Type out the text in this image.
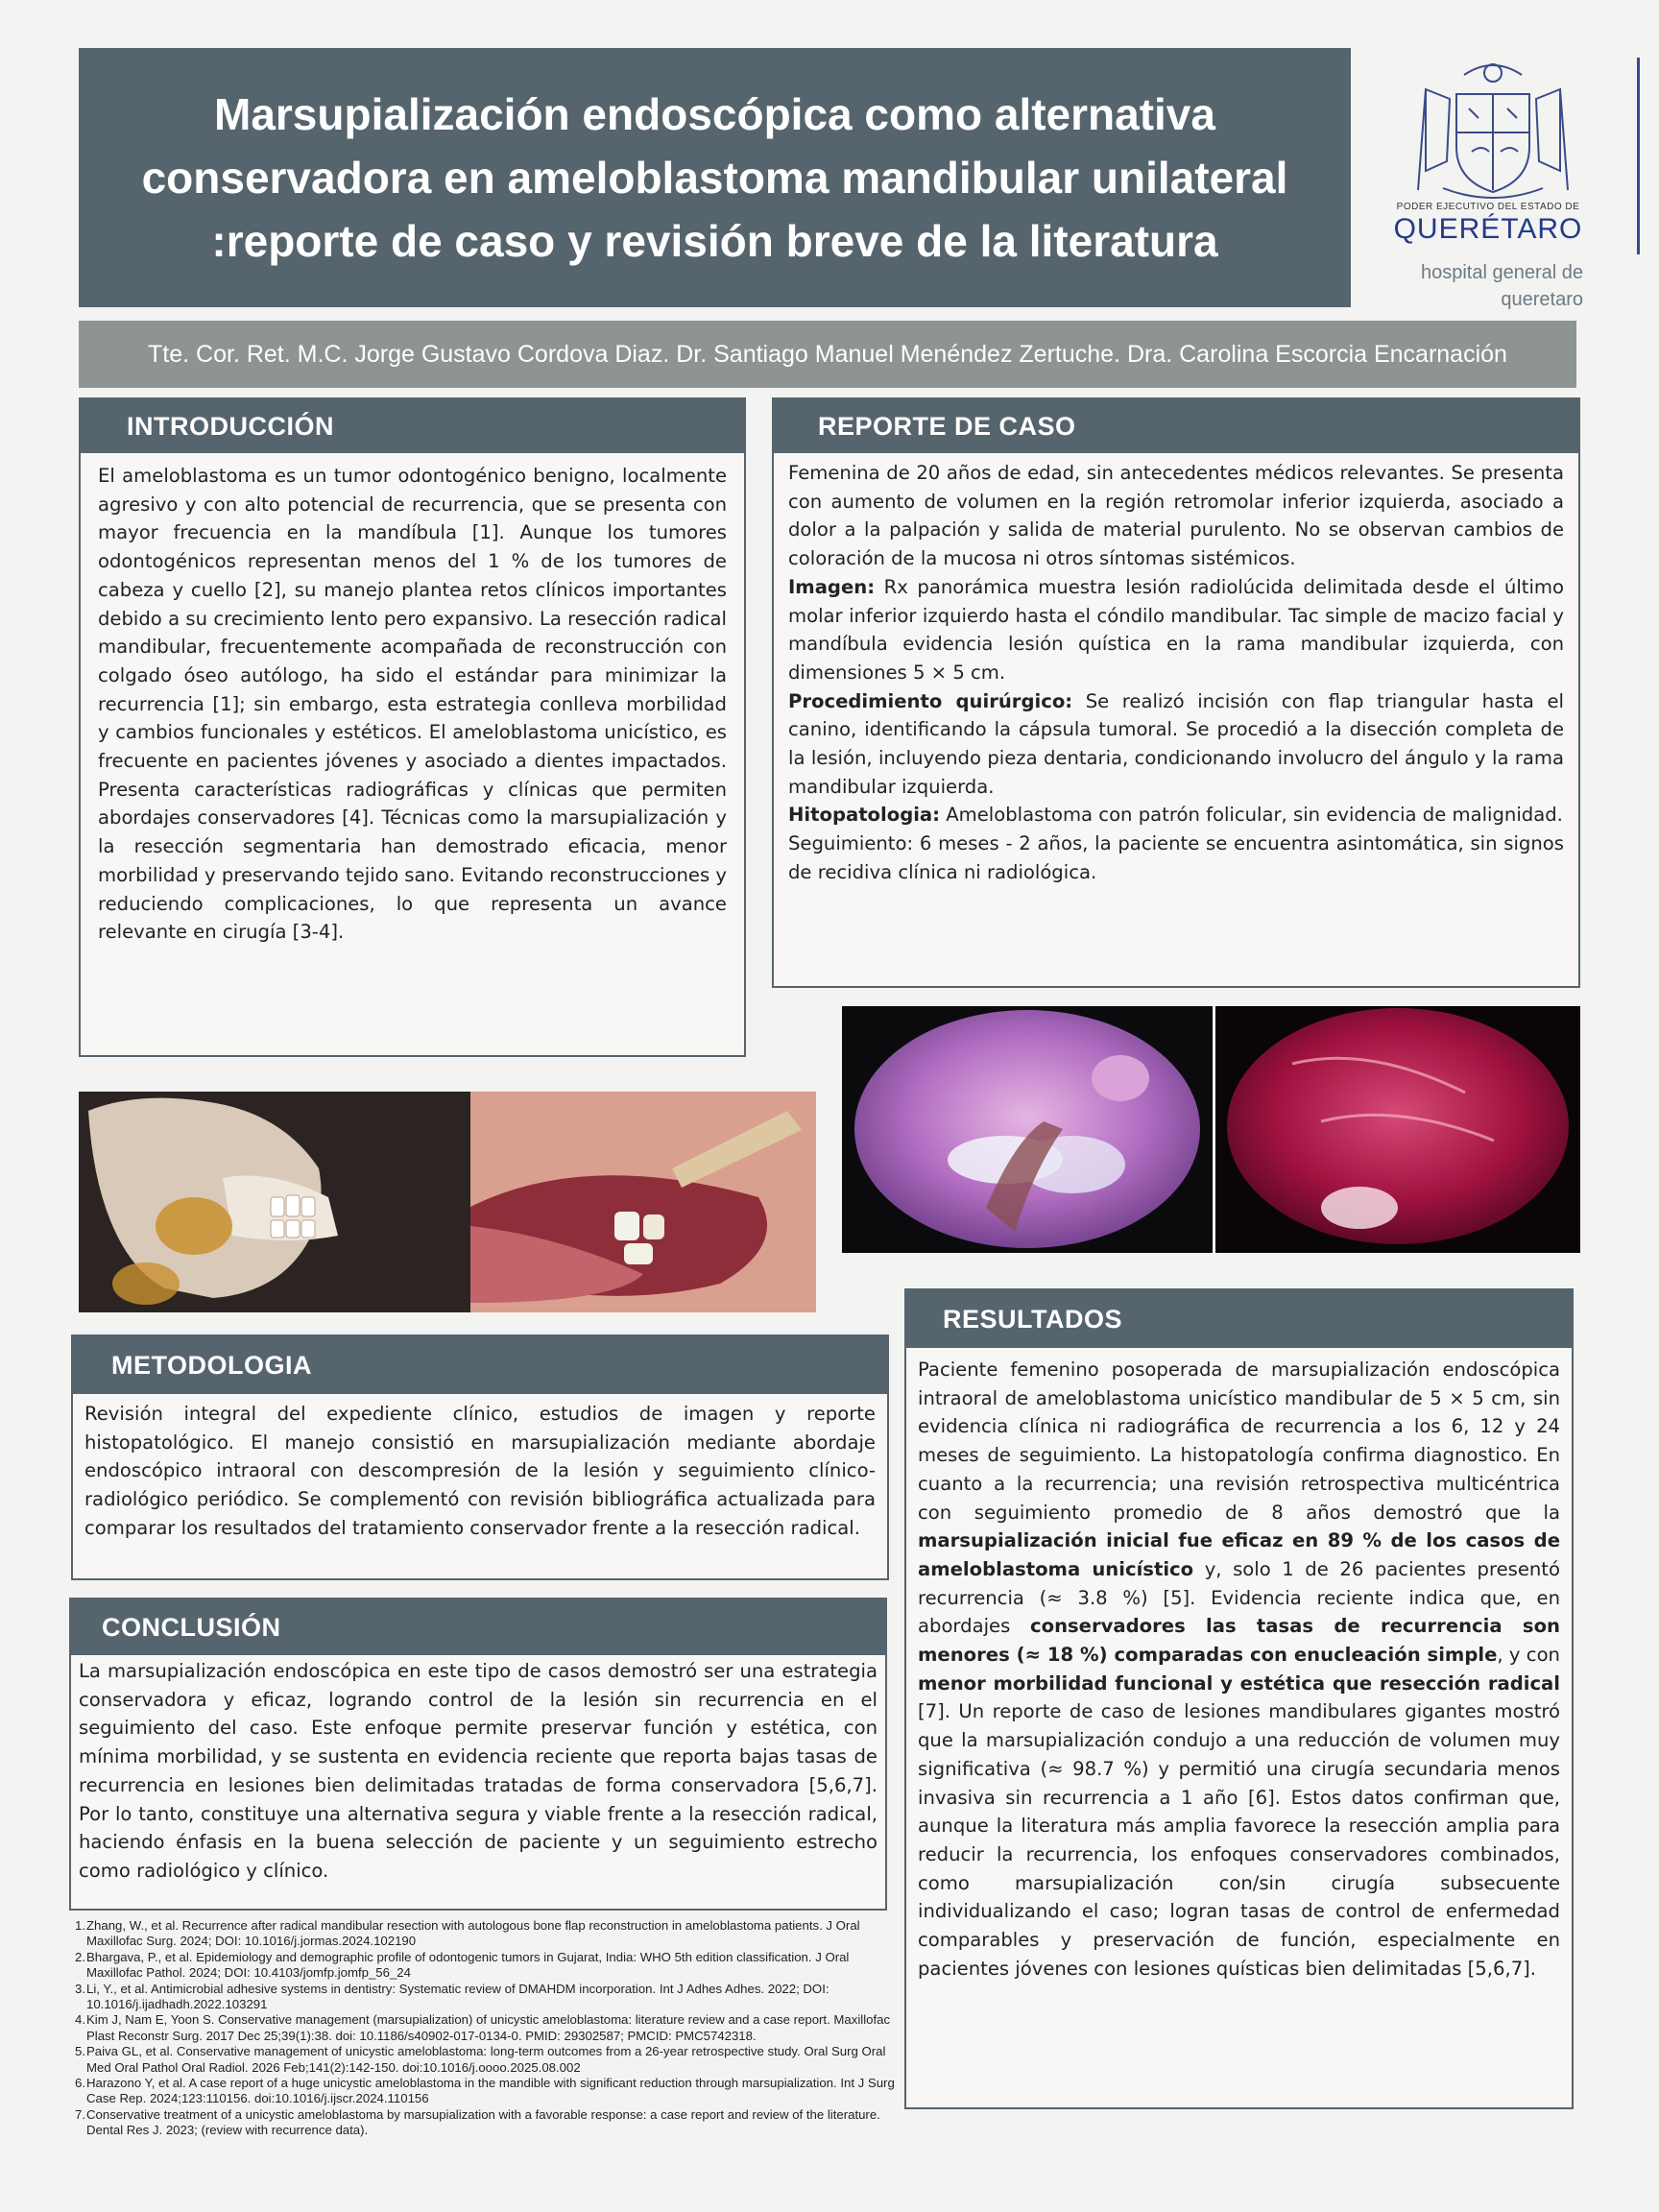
Marsupialización endoscópica como alternativa conservadora en ameloblastoma mandibular unilateral :reporte de caso y revisión breve de la literatura
PODER EJECUTIVO DEL ESTADO DE
QUERÉTARO
hospital general de queretaro
Tte. Cor. Ret. M.C. Jorge Gustavo Cordova Diaz. Dr. Santiago Manuel Menéndez Zertuche. Dra. Carolina Escorcia Encarnación
INTRODUCCIÓN

El ameloblastoma es un tumor odontogénico benigno, localmente agresivo y con alto potencial de recurrencia, que se presenta con mayor frecuencia en la mandíbula [1]. Aunque los tumores odontogénicos representan menos del 1 % de los tumores de cabeza y cuello [2], su manejo plantea retos clínicos importantes debido a su crecimiento lento pero expansivo. La resección radical mandibular, frecuentemente acompañada de reconstrucción con colgado óseo autólogo, ha sido el estándar para minimizar la recurrencia [1]; sin embargo, esta estrategia conlleva morbilidad y cambios funcionales y estéticos. El ameloblastoma unicístico, es frecuente en pacientes jóvenes y asociado a dientes impactados. Presenta características radiográficas y clínicas que permiten abordajes conservadores [4]. Técnicas como la marsupialización y la resección segmentaria han demostrado eficacia, menor morbilidad y preservando tejido sano. Evitando reconstrucciones y reduciendo complicaciones, lo que representa un avance relevante en cirugía [3-4].

REPORTE DE CASO

Femenina de 20 años de edad, sin antecedentes médicos relevantes. Se presenta con aumento de volumen en la región retromolar inferior izquierda, asociado a dolor a la palpación y salida de material purulento. No se observan cambios de coloración de la mucosa ni otros síntomas sistémicos.

Imagen: Rx panorámica muestra lesión radiolúcida delimitada desde el último molar inferior izquierdo hasta el cóndilo mandibular. Tac simple de macizo facial y mandíbula evidencia lesión quística en la rama mandibular izquierda, con dimensiones 5 × 5 cm.

Procedimiento quirúrgico: Se realizó incisión con flap triangular hasta el canino, identificando la cápsula tumoral. Se procedió a la disección completa de la lesión, incluyendo pieza dentaria, condicionando involucro del ángulo y la rama mandibular izquierda.

Hitopatologia: Ameloblastoma con patrón folicular, sin evidencia de malignidad.

Seguimiento: 6 meses - 2 años, la paciente se encuentra asintomática, sin signos de recidiva clínica ni radiológica.

METODOLOGIA

Revisión integral del expediente clínico, estudios de imagen y reporte histopatológico. El manejo consistió en marsupialización mediante abordaje endoscópico intraoral con descompresión de la lesión y seguimiento clínico-radiológico periódico. Se complementó con revisión bibliográfica actualizada para comparar los resultados del tratamiento conservador frente a la resección radical.

CONCLUSIÓN

La marsupialización endoscópica en este tipo de casos demostró ser una estrategia conservadora y eficaz, logrando control de la lesión sin recurrencia en el seguimiento del caso. Este enfoque permite preservar función y estética, con mínima morbilidad, y se sustenta en evidencia reciente que reporta bajas tasas de recurrencia en lesiones bien delimitadas tratadas de forma conservadora [5,6,7]. Por lo tanto, constituye una alternativa segura y viable frente a la resección radical, haciendo énfasis en la buena selección de paciente y un seguimiento estrecho como radiológico y clínico.

1. Zhang, W., et al. Recurrence after radical mandibular resection with autologous bone flap reconstruction in ameloblastoma patients. J Oral Maxillofac Surg. 2024; DOI: 10.1016/j.jormas.2024.102190
2. Bhargava, P., et al. Epidemiology and demographic profile of odontogenic tumors in Gujarat, India: WHO 5th edition classification. J Oral Maxillofac Pathol. 2024; DOI: 10.4103/jomfp.jomfp_56_24
3. Li, Y., et al. Antimicrobial adhesive systems in dentistry: Systematic review of DMAHDM incorporation. Int J Adhes Adhes. 2022; DOI: 10.1016/j.ijadhadh.2022.103291
4. Kim J, Nam E, Yoon S. Conservative management (marsupialization) of unicystic ameloblastoma: literature review and a case report. Maxillofac Plast Reconstr Surg. 2017 Dec 25;39(1):38. doi: 10.1186/s40902-017-0134-0. PMID: 29302587; PMCID: PMC5742318.
5. Paiva GL, et al. Conservative management of unicystic ameloblastoma: long-term outcomes from a 26-year retrospective study. Oral Surg Oral Med Oral Pathol Oral Radiol. 2026 Feb;141(2):142-150. doi:10.1016/j.oooo.2025.08.002
6. Harazono Y, et al. A case report of a huge unicystic ameloblastoma in the mandible with significant reduction through marsupialization. Int J Surg Case Rep. 2024;123:110156. doi:10.1016/j.ijscr.2024.110156
7. Conservative treatment of a unicystic ameloblastoma by marsupialization with a favorable response: a case report and review of the literature. Dental Res J. 2023; (review with recurrence data).
RESULTADOS

Paciente femenino posoperada de marsupialización endoscópica intraoral de ameloblastoma unicístico mandibular de 5 × 5 cm, sin evidencia clínica ni radiográfica de recurrencia a los 6, 12 y 24 meses de seguimiento. La histopatología confirma diagnostico. En cuanto a la recurrencia; una revisión retrospectiva multicéntrica con seguimiento promedio de 8 años demostró que la marsupialización inicial fue eficaz en 89 % de los casos de ameloblastoma unicístico y, solo 1 de 26 pacientes presentó recurrencia (≈ 3.8 %) [5]. Evidencia reciente indica que, en abordajes conservadores las tasas de recurrencia son menores (≈ 18 %) comparadas con enucleación simple, y con menor morbilidad funcional y estética que resección radical [7]. Un reporte de caso de lesiones mandibulares gigantes mostró que la marsupialización condujo a una reducción de volumen muy significativa (≈ 98.7 %) y permitió una cirugía secundaria menos invasiva sin recurrencia a 1 año [6]. Estos datos confirman que, aunque la literatura más amplia favorece la resección amplia para reducir la recurrencia, los enfoques conservadores combinados, como marsupialización con/sin cirugía subsecuente individualizando el caso; logran tasas de control de enfermedad comparables y preservación de función, especialmente en pacientes jóvenes con lesiones quísticas bien delimitadas [5,6,7].
